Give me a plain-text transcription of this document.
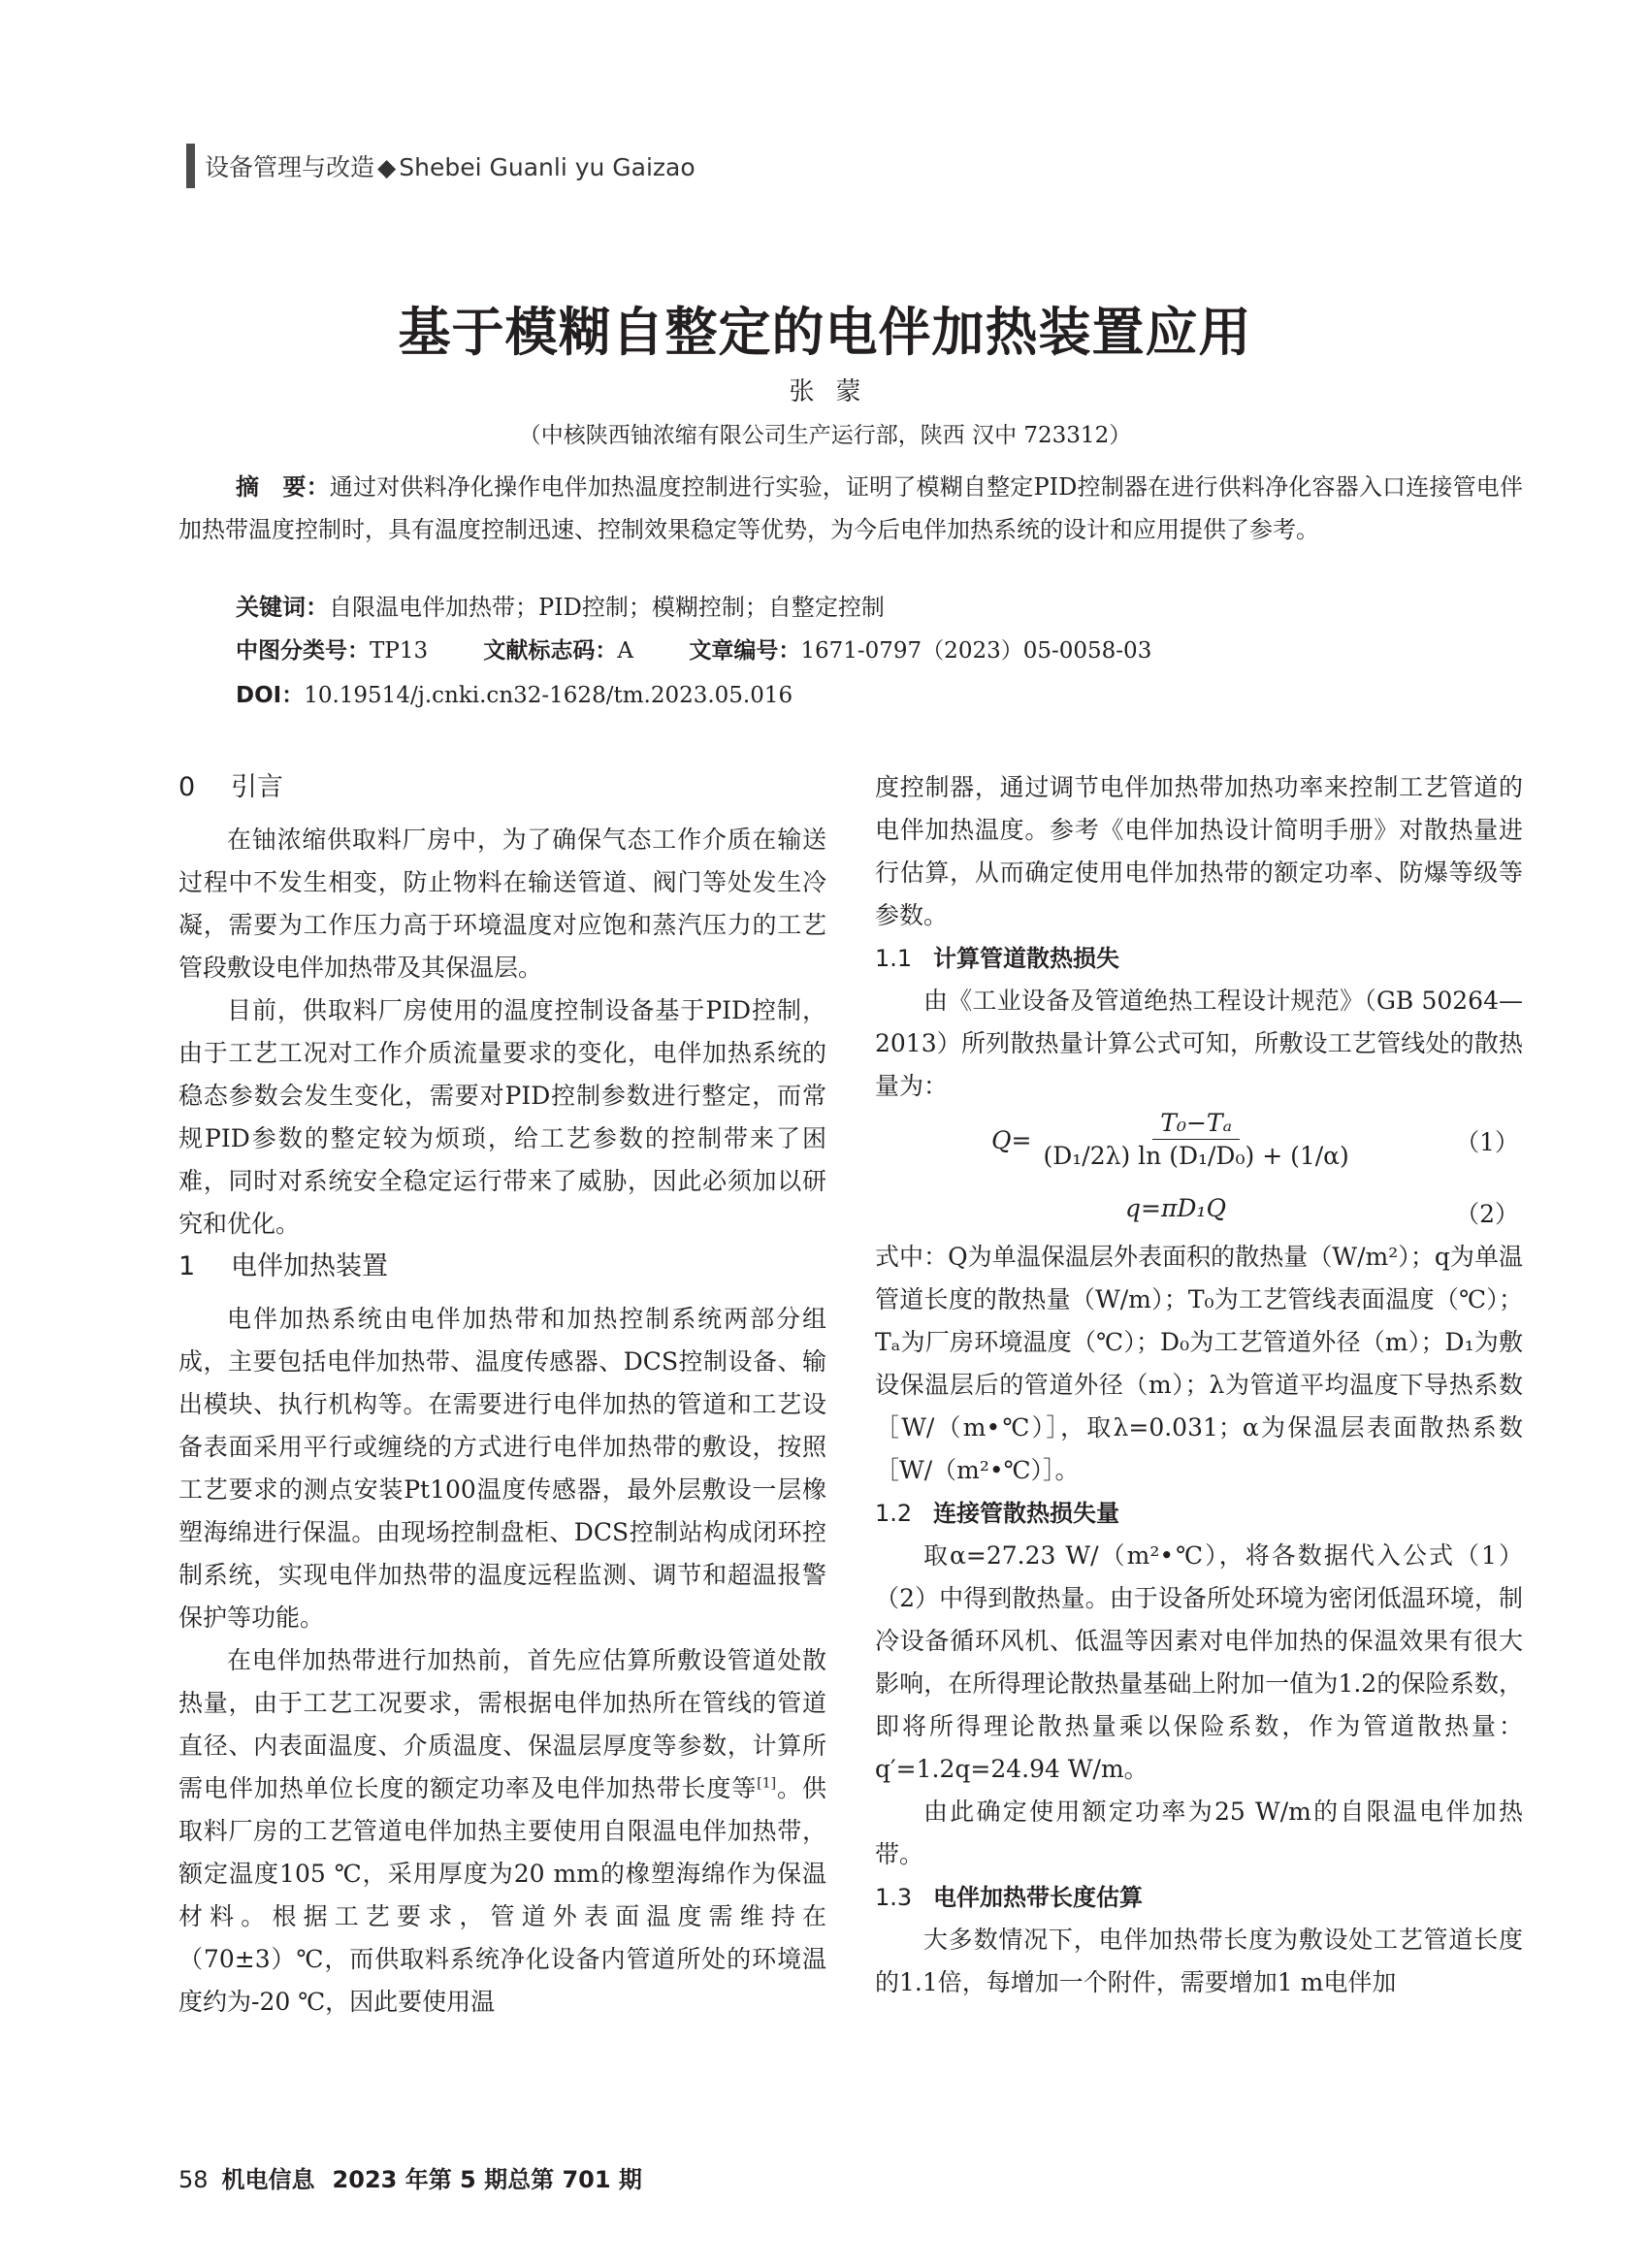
设备管理与改造 ◆ Shebei Guanli yu Gaizao
基于模糊自整定的电伴加热装置应用
张蒙
（中核陕西铀浓缩有限公司生产运行部，陕西 汉中 723312）

摘　要：通过对供料净化操作电伴加热温度控制进行实验，证明了模糊自整定PID控制器在进行供料净化容器入口连接管电伴加热带温度控制时，具有温度控制迅速、控制效果稳定等优势，为今后电伴加热系统的设计和应用提供了参考。

关键词：自限温电伴加热带；PID控制；模糊控制；自整定控制
中图分类号：TP13 文献标志码：A 文章编号：1671-0797（2023）05-0058-03
DOI：10.19514/j.cnki.cn32-1628/tm.2023.05.016
0 引言

在铀浓缩供取料厂房中，为了确保气态工作介质在输送过程中不发生相变，防止物料在输送管道、阀门等处发生冷凝，需要为工作压力高于环境温度对应饱和蒸汽压力的工艺管段敷设电伴加热带及其保温层。

目前，供取料厂房使用的温度控制设备基于PID控制，由于工艺工况对工作介质流量要求的变化，电伴加热系统的稳态参数会发生变化，需要对PID控制参数进行整定，而常规PID参数的整定较为烦琐，给工艺参数的控制带来了困难，同时对系统安全稳定运行带来了威胁，因此必须加以研究和优化。

1 电伴加热装置

电伴加热系统由电伴加热带和加热控制系统两部分组成，主要包括电伴加热带、温度传感器、DCS控制设备、输出模块、执行机构等。在需要进行电伴加热的管道和工艺设备表面采用平行或缠绕的方式进行电伴加热带的敷设，按照工艺要求的测点安装Pt100温度传感器，最外层敷设一层橡塑海绵进行保温。由现场控制盘柜、DCS控制站构成闭环控制系统，实现电伴加热带的温度远程监测、调节和超温报警保护等功能。

在电伴加热带进行加热前，首先应估算所敷设管道处散热量，由于工艺工况要求，需根据电伴加热所在管线的管道直径、内表面温度、介质温度、保温层厚度等参数，计算所需电伴加热单位长度的额定功率及电伴加热带长度等[1]。供取料厂房的工艺管道电伴加热主要使用自限温电伴加热带，额定温度105 ℃，采用厚度为20 mm的橡塑海绵作为保温材料。根据工艺要求，管道外表面温度需维持在（70±3）℃，而供取料系统净化设备内管道所处的环境温度约为-20 ℃，因此要使用温

度控制器，通过调节电伴加热带加热功率来控制工艺管道的电伴加热温度。参考《电伴加热设计简明手册》对散热量进行估算，从而确定使用电伴加热带的额定功率、防爆等级等参数。

1.1 计算管道散热损失

由《工业设备及管道绝热工程设计规范》（GB 50264—2013）所列散热量计算公式可知，所敷设工艺管线处的散热量为：

$Q= \frac{\text{T₀−Tₐ}}{\text{(D₁/2λ) ln (D₁/D₀) + (1/α)}}$	（1）
q=πD₁Q	（2）

式中：Q为单温保温层外表面积的散热量（W/m²）；q为单温管道长度的散热量（W/m）；T₀为工艺管线表面温度（℃）；Tₐ为厂房环境温度（℃）；D₀为工艺管道外径（m）；D₁为敷设保温层后的管道外径（m）；λ为管道平均温度下导热系数［W/（m•℃）］，取λ=0.031；α为保温层表面散热系数［W/（m²•℃）］。

1.2 连接管散热损失量

取α=27.23 W/（m²•℃），将各数据代入公式（1）（2）中得到散热量。由于设备所处环境为密闭低温环境，制冷设备循环风机、低温等因素对电伴加热的保温效果有很大影响，在所得理论散热量基础上附加一值为1.2的保险系数，即将所得理论散热量乘以保险系数，作为管道散热量：q′=1.2q=24.94 W/m。

由此确定使用额定功率为25 W/m的自限温电伴加热带。

1.3 电伴加热带长度估算

大多数情况下，电伴加热带长度为敷设处工艺管道长度的1.1倍，每增加一个附件，需要增加1 m电伴加

58 机电信息 2023 年第 5 期总第 701 期
